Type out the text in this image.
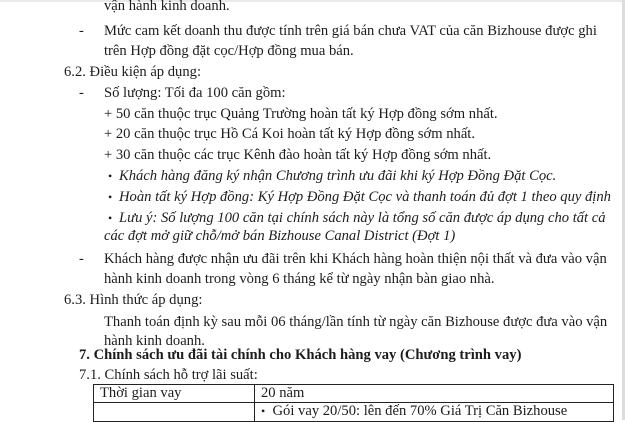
vận hành kinh doanh.
- Mức cam kết doanh thu được tính trên giá bán chưa VAT của căn Bizhouse được ghi
trên Hợp đồng đặt cọc/Hợp đồng mua bán.
6.2. Điều kiện áp dụng:
- Số lượng: Tối đa 100 căn gồm:
+ 50 căn thuộc trục Quảng Trường hoàn tất ký Hợp đồng sớm nhất.
+ 20 căn thuộc trục Hồ Cá Koi hoàn tất ký Hợp đồng sớm nhất.
+ 30 căn thuộc các trục Kênh đào hoàn tất ký Hợp đồng sớm nhất.
• Khách hàng đăng ký nhận Chương trình ưu đãi khi ký Hợp Đồng Đặt Cọc.
• Hoàn tất ký Hợp đồng: Ký Hợp Đồng Đặt Cọc và thanh toán đủ đợt 1 theo quy định
• Lưu ý: Số lượng 100 căn tại chính sách này là tổng số căn được áp dụng cho tất cả
các đợt mở giữ chỗ/mở bán Bizhouse Canal District (Đợt 1)
- Khách hàng được nhận ưu đãi trên khi Khách hàng hoàn thiện nội thất và đưa vào vận
hành kinh doanh trong vòng 6 tháng kể từ ngày nhận bàn giao nhà.
6.3. Hình thức áp dụng:
Thanh toán định kỳ sau mỗi 06 tháng/lần tính từ ngày căn Bizhouse được đưa vào vận
hành kinh doanh.
7. Chính sách ưu đãi tài chính cho Khách hàng vay (Chương trình vay)
7.1. Chính sách hỗ trợ lãi suất:
Thời gian vay	20 năm
	• Gói vay 20/50: lên đến 70% Giá Trị Căn Bizhouse
